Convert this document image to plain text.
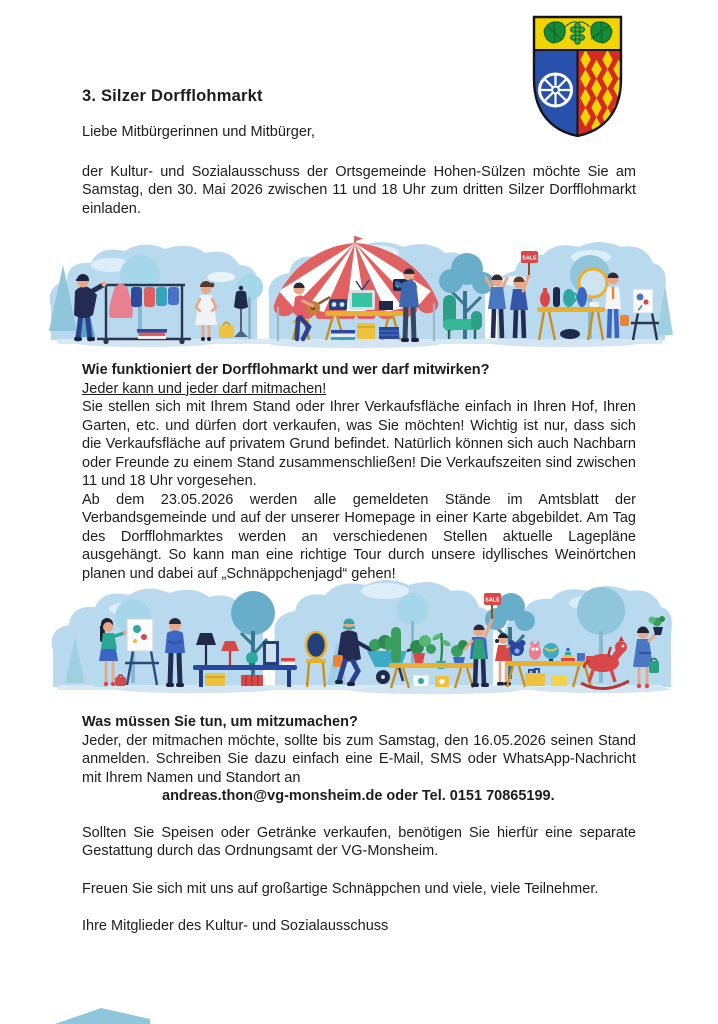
3. Silzer Dorfflohmarkt

Liebe Mitbürgerinnen und Mitbürger,

der Kultur- und Sozialausschuss der Ortsgemeinde Hohen-Sülzen möchte Sie am Samstag, den 30. Mai 2026 zwischen 11 und 18 Uhr zum dritten Silzer Dorfflohmarkt einladen.

SALE

Wie funktioniert der Dorfflohmarkt und wer darf mitwirken?

Jeder kann und jeder darf mitmachen!

Sie stellen sich mit Ihrem Stand oder Ihrer Verkaufsfläche einfach in Ihren Hof, Ihren Garten, etc. und dürfen dort verkaufen, was Sie möchten! Wichtig ist nur, dass sich die Verkaufsfläche auf privatem Grund befindet. Natürlich können sich auch Nachbarn oder Freunde zu einem Stand zusammenschließen! Die Verkaufszeiten sind zwischen 11 und 18 Uhr vorgesehen.

Ab dem 23.05.2026 werden alle gemeldeten Stände im Amtsblatt der Verbandsgemeinde und auf der unserer Homepage in einer Karte abgebildet. Am Tag des Dorfflohmarktes werden an verschiedenen Stellen aktuelle Lagepläne ausgehängt. So kann man eine richtige Tour durch unsere idyllisches Weinörtchen planen und dabei auf „Schnäppchenjagd“ gehen!

SALE

Was müssen Sie tun, um mitzumachen?

Jeder, der mitmachen möchte, sollte bis zum Samstag, den 16.05.2026 seinen Stand anmelden. Schreiben Sie dazu einfach eine E-Mail, SMS oder WhatsApp-Nachricht mit Ihrem Namen und Standort an

andreas.thon@vg-monsheim.de oder Tel. 0151 70865199.

Sollten Sie Speisen oder Getränke verkaufen, benötigen Sie hierfür eine separate Gestattung durch das Ordnungsamt der VG-Monsheim.

Freuen Sie sich mit uns auf großartige Schnäppchen und viele, viele Teilnehmer.

Ihre Mitglieder des Kultur- und Sozialausschuss
